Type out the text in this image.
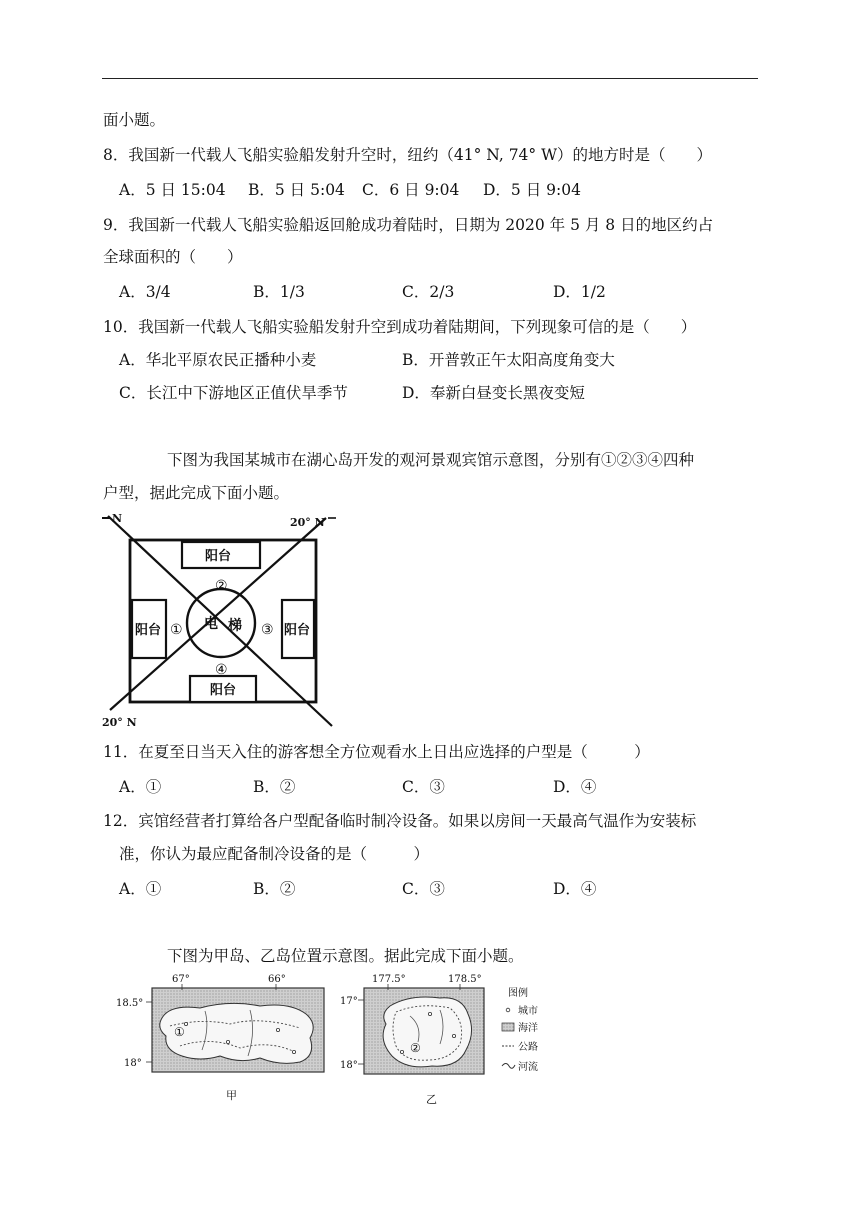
面小题。
8．我国新一代载人飞船实验船发射升空时，纽约（41° N, 74° W）的地方时是（　　）
A．5 日 15:04 B．5 日 5:04 C．6 日 9:04 D．5 日 9:04
9．我国新一代载人飞船实验船返回舱成功着陆时，日期为 2020 年 5 月 8 日的地区约占
全球面积的（　　）
A．3/4	B．1/3	C．2/3	D．1/2
10．我国新一代载人飞船实验船发射升空到成功着陆期间，下列现象可信的是（　　）
A．华北平原农民正播种小麦	B．开普敦正午太阳高度角变大
C．长江中下游地区正值伏旱季节	D．奉新白昼变长黑夜变短
下图为我国某城市在湖心岛开发的观河景观宾馆示意图，分别有①②③④四种
户型，据此完成下面小题。
N	20° N
20° N
阳台
阳台	阳台
阳台
电 梯
①
②
③
④
11．在夏至日当天入住的游客想全方位观看水上日出应选择的户型是（　　　）
A．①	B．②	C．③	D．④
12．宾馆经营者打算给各户型配备临时制冷设备。如果以房间一天最高气温作为安装标
准，你认为最应配备制冷设备的是（　　　）
A．①	B．②	C．③	D．④
下图为甲岛、乙岛位置示意图。据此完成下面小题。
67°	66°
18.5°
18°
①
甲
177.5°	178.5°
17°
18°
②
乙
图例
城市
海洋
公路
河流
